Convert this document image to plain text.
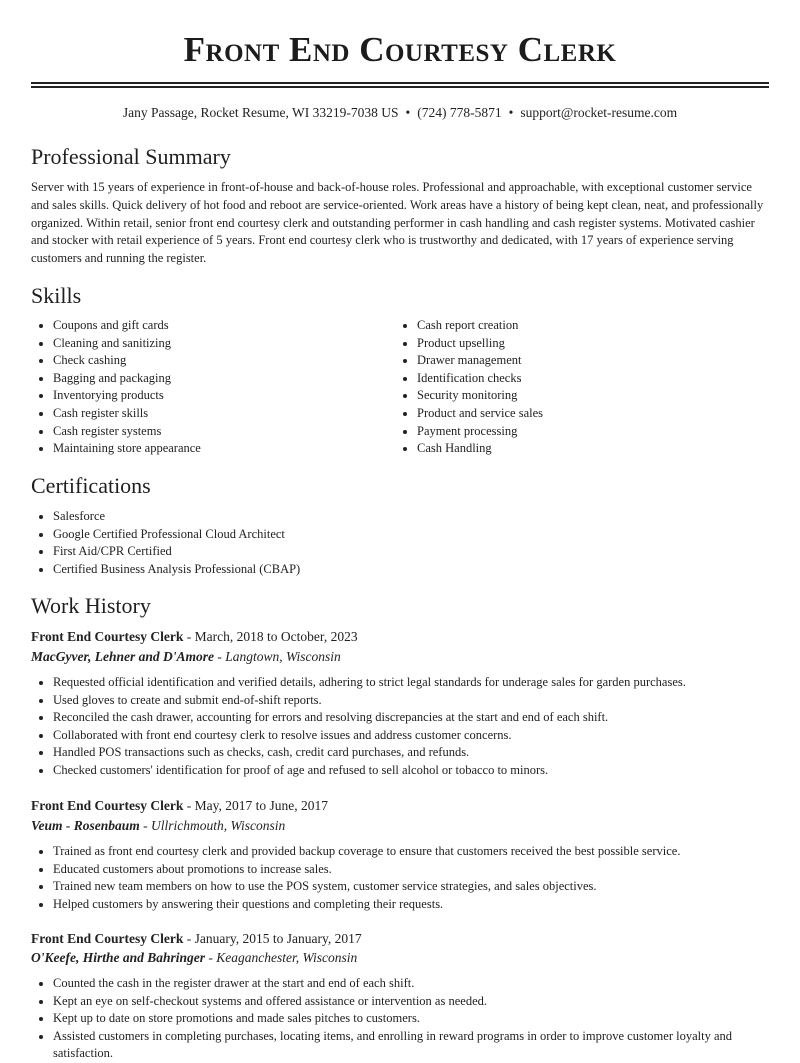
Front End Courtesy Clerk
Jany Passage, Rocket Resume, WI 33219-7038 US • (724) 778-5871 • support@rocket-resume.com
Professional Summary

Server with 15 years of experience in front-of-house and back-of-house roles. Professional and approachable, with exceptional customer service and sales skills. Quick delivery of hot food and reboot are service-oriented. Work areas have a history of being kept clean, neat, and professionally organized. Within retail, senior front end courtesy clerk and outstanding performer in cash handling and cash register systems. Motivated cashier and stocker with retail experience of 5 years. Front end courtesy clerk who is trustworthy and dedicated, with 17 years of experience serving customers and running the register.

Skills
• Coupons and gift cards
• Cleaning and sanitizing
• Check cashing
• Bagging and packaging
• Inventorying products
• Cash register skills
• Cash register systems
• Maintaining store appearance
• Cash report creation
• Product upselling
• Drawer management
• Identification checks
• Security monitoring
• Product and service sales
• Payment processing
• Cash Handling
Certifications
• Salesforce
• Google Certified Professional Cloud Architect
• First Aid/CPR Certified
• Certified Business Analysis Professional (CBAP)
Work History
Front End Courtesy Clerk - March, 2018 to October, 2023
MacGyver, Lehner and D'Amore - Langtown, Wisconsin
• Requested official identification and verified details, adhering to strict legal standards for underage sales for garden purchases.
• Used gloves to create and submit end-of-shift reports.
• Reconciled the cash drawer, accounting for errors and resolving discrepancies at the start and end of each shift.
• Collaborated with front end courtesy clerk to resolve issues and address customer concerns.
• Handled POS transactions such as checks, cash, credit card purchases, and refunds.
• Checked customers' identification for proof of age and refused to sell alcohol or tobacco to minors.
Front End Courtesy Clerk - May, 2017 to June, 2017
Veum - Rosenbaum - Ullrichmouth, Wisconsin
• Trained as front end courtesy clerk and provided backup coverage to ensure that customers received the best possible service.
• Educated customers about promotions to increase sales.
• Trained new team members on how to use the POS system, customer service strategies, and sales objectives.
• Helped customers by answering their questions and completing their requests.
Front End Courtesy Clerk - January, 2015 to January, 2017
O'Keefe, Hirthe and Bahringer - Keaganchester, Wisconsin
• Counted the cash in the register drawer at the start and end of each shift.
• Kept an eye on self-checkout systems and offered assistance or intervention as needed.
• Kept up to date on store promotions and made sales pitches to customers.
• Assisted customers in completing purchases, locating items, and enrolling in reward programs in order to improve customer loyalty and satisfaction.
